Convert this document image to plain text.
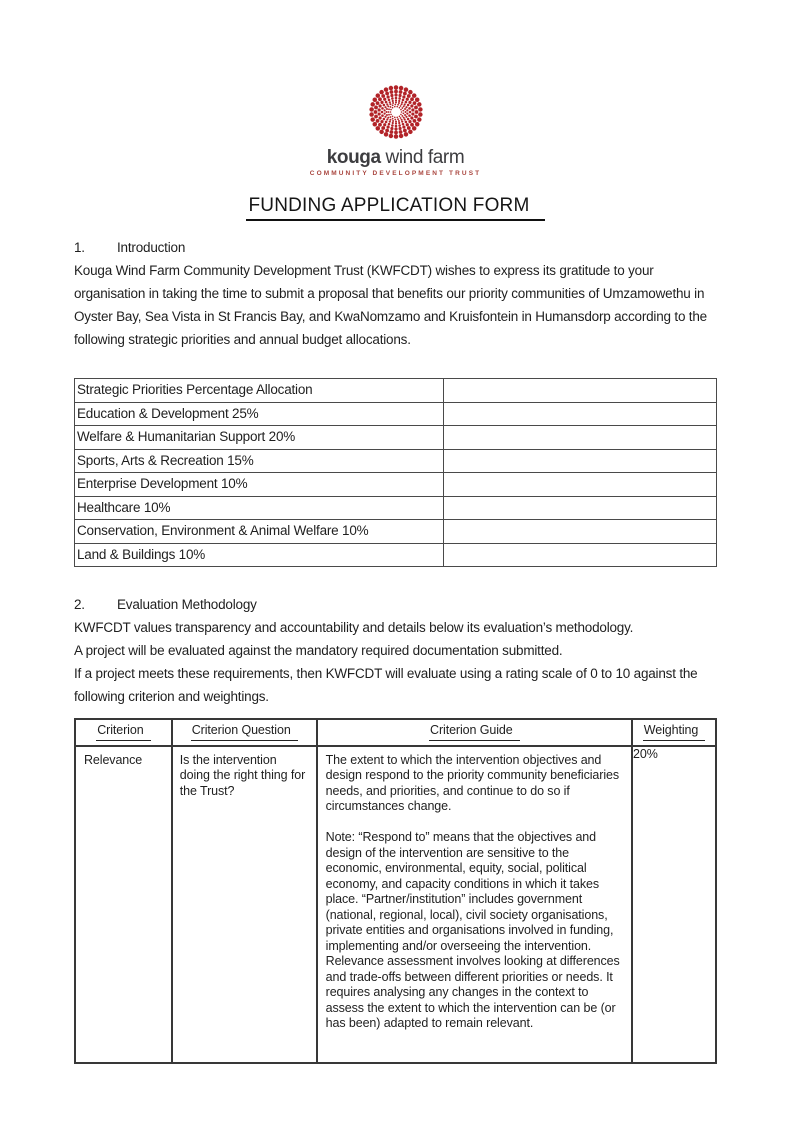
kouga wind farm
COMMUNITY DEVELOPMENT TRUST
FUNDING APPLICATION FORM
1. Introduction
Kouga Wind Farm Community Development Trust (KWFCDT) wishes to express its gratitude to your organisation in taking the time to submit a proposal that benefits our priority communities of Umzamowethu in Oyster Bay, Sea Vista in St Francis Bay, and KwaNomzamo and Kruisfontein in Humansdorp according to the following strategic priorities and annual budget allocations.
Strategic Priorities Percentage Allocation	
Education & Development 25%	
Welfare & Humanitarian Support 20%	
Sports, Arts & Recreation 15%	
Enterprise Development 10%	
Healthcare 10%	
Conservation, Environment & Animal Welfare 10%	
Land & Buildings 10%	
2. Evaluation Methodology
KWFCDT values transparency and accountability and details below its evaluation’s methodology.
A project will be evaluated against the mandatory required documentation submitted.
If a project meets these requirements, then KWFCDT will evaluate using a rating scale of 0 to 10 against the following criterion and weightings.
Criterion	Criterion Question	Criterion Guide	Weighting
Relevance	Is the intervention doing the right thing for the Trust?	The extent to which the intervention objectives and design respond to the priority community beneficiaries needs, and priorities, and continue to do so if circumstances change.
Note: “Respond to” means that the objectives and design of the intervention are sensitive to the economic, environmental, equity, social, political economy, and capacity conditions in which it takes place. “Partner/institution” includes government (national, regional, local), civil society organisations, private entities and organisations involved in funding, implementing and/or overseeing the intervention. Relevance assessment involves looking at differences and trade-offs between different priorities or needs. It requires analysing any changes in the context to assess the extent to which the intervention can be (or has been) adapted to remain relevant.	20%
